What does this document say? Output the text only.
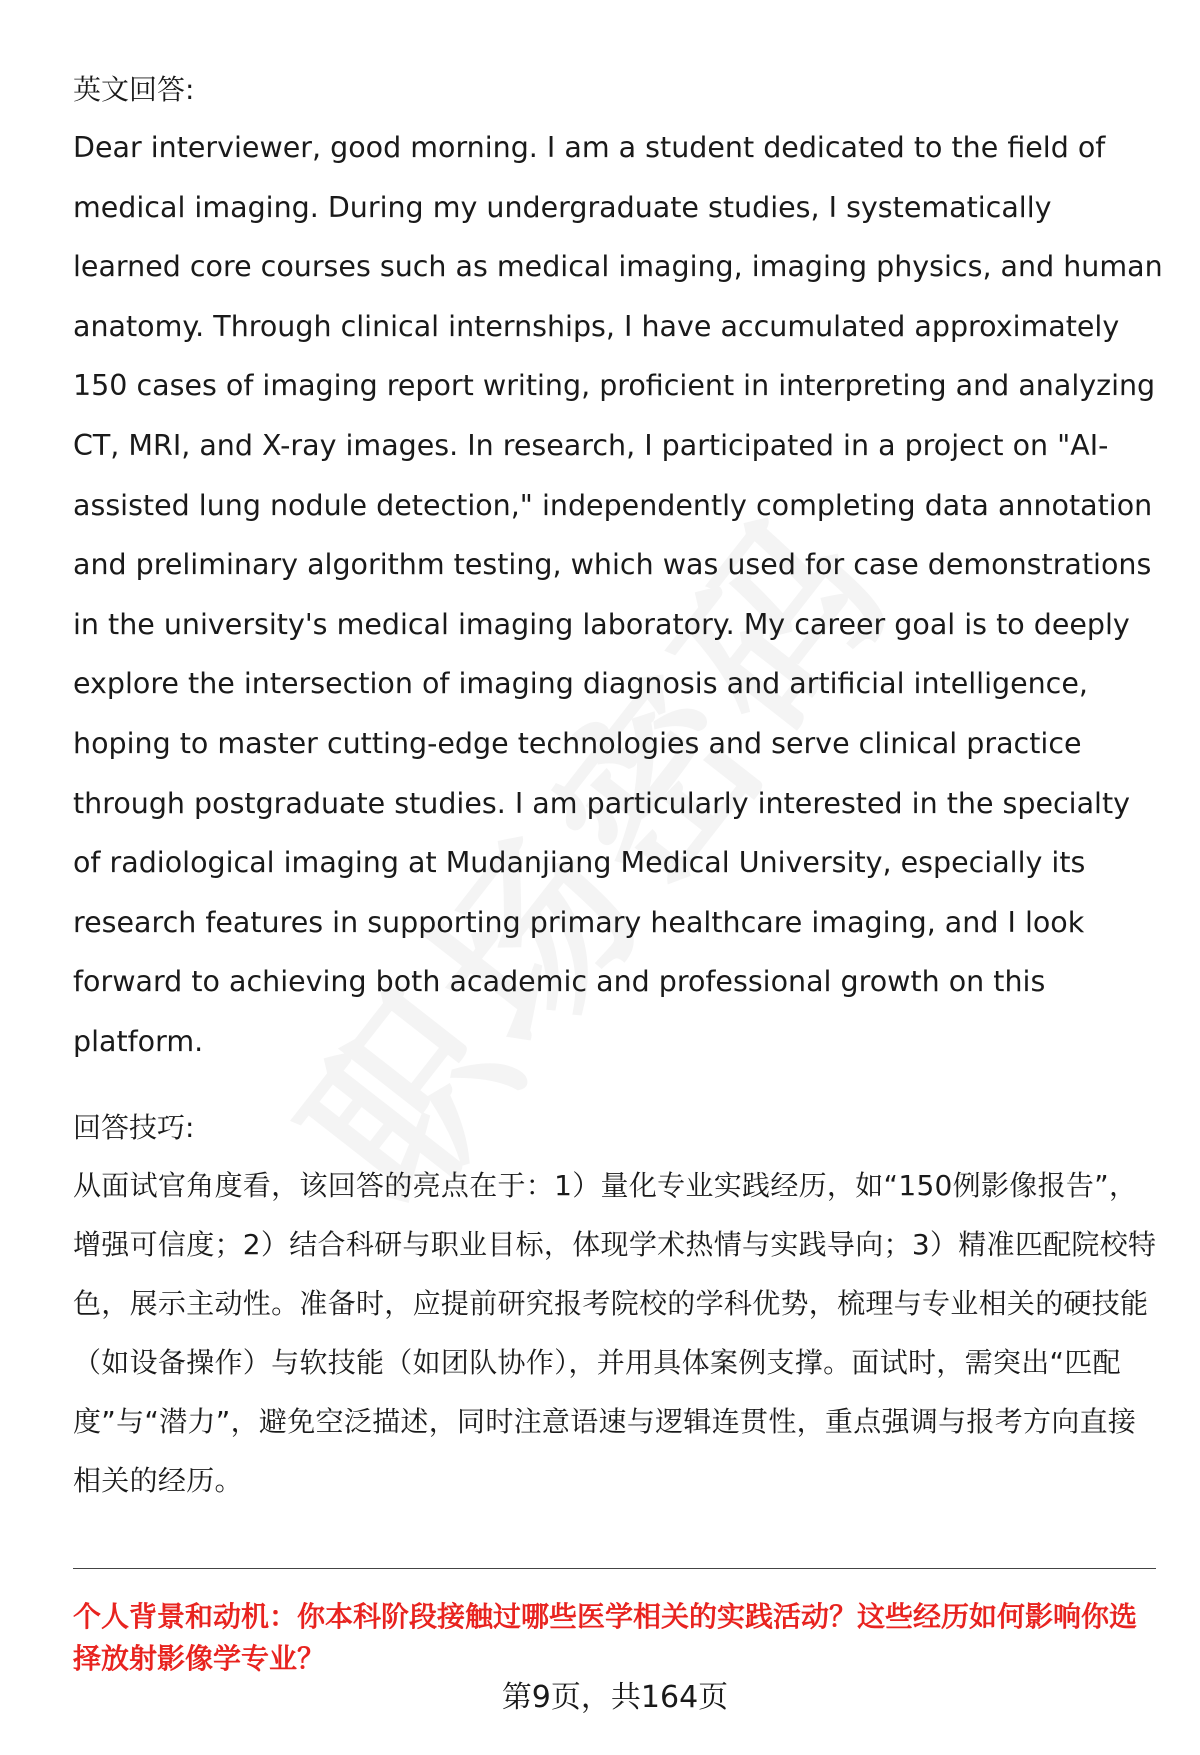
英文回答:

Dear interviewer, good morning. I am a student dedicated to the field of medical imaging. During my undergraduate studies, I systematically learned core courses such as medical imaging, imaging physics, and human anatomy. Through clinical internships, I have accumulated approximately 150 cases of imaging report writing, proficient in interpreting and analyzing CT, MRI, and X-ray images. In research, I participated in a project on "AI-assisted lung nodule detection," independently completing data annotation and preliminary algorithm testing, which was used for case demonstrations in the university's medical imaging laboratory. My career goal is to deeply explore the intersection of imaging diagnosis and artificial intelligence, hoping to master cutting-edge technologies and serve clinical practice through postgraduate studies. I am particularly interested in the specialty of radiological imaging at Mudanjiang Medical University, especially its research features in supporting primary healthcare imaging, and I look forward to achieving both academic and professional growth on this platform.

回答技巧:

从面试官角度看，该回答的亮点在于：1）量化专业实践经历，如“150例影像报告”，增强可信度；2）结合科研与职业目标，体现学术热情与实践导向；3）精准匹配院校特色，展示主动性。准备时，应提前研究报考院校的学科优势，梳理与专业相关的硬技能（如设备操作）与软技能（如团队协作），并用具体案例支撑。面试时，需突出“匹配度”与“潜力”，避免空泛描述，同时注意语速与逻辑连贯性，重点强调与报考方向直接相关的经历。

个人背景和动机：你本科阶段接触过哪些医学相关的实践活动？这些经历如何影响你选择放射影像学专业？

第9页，共164页
